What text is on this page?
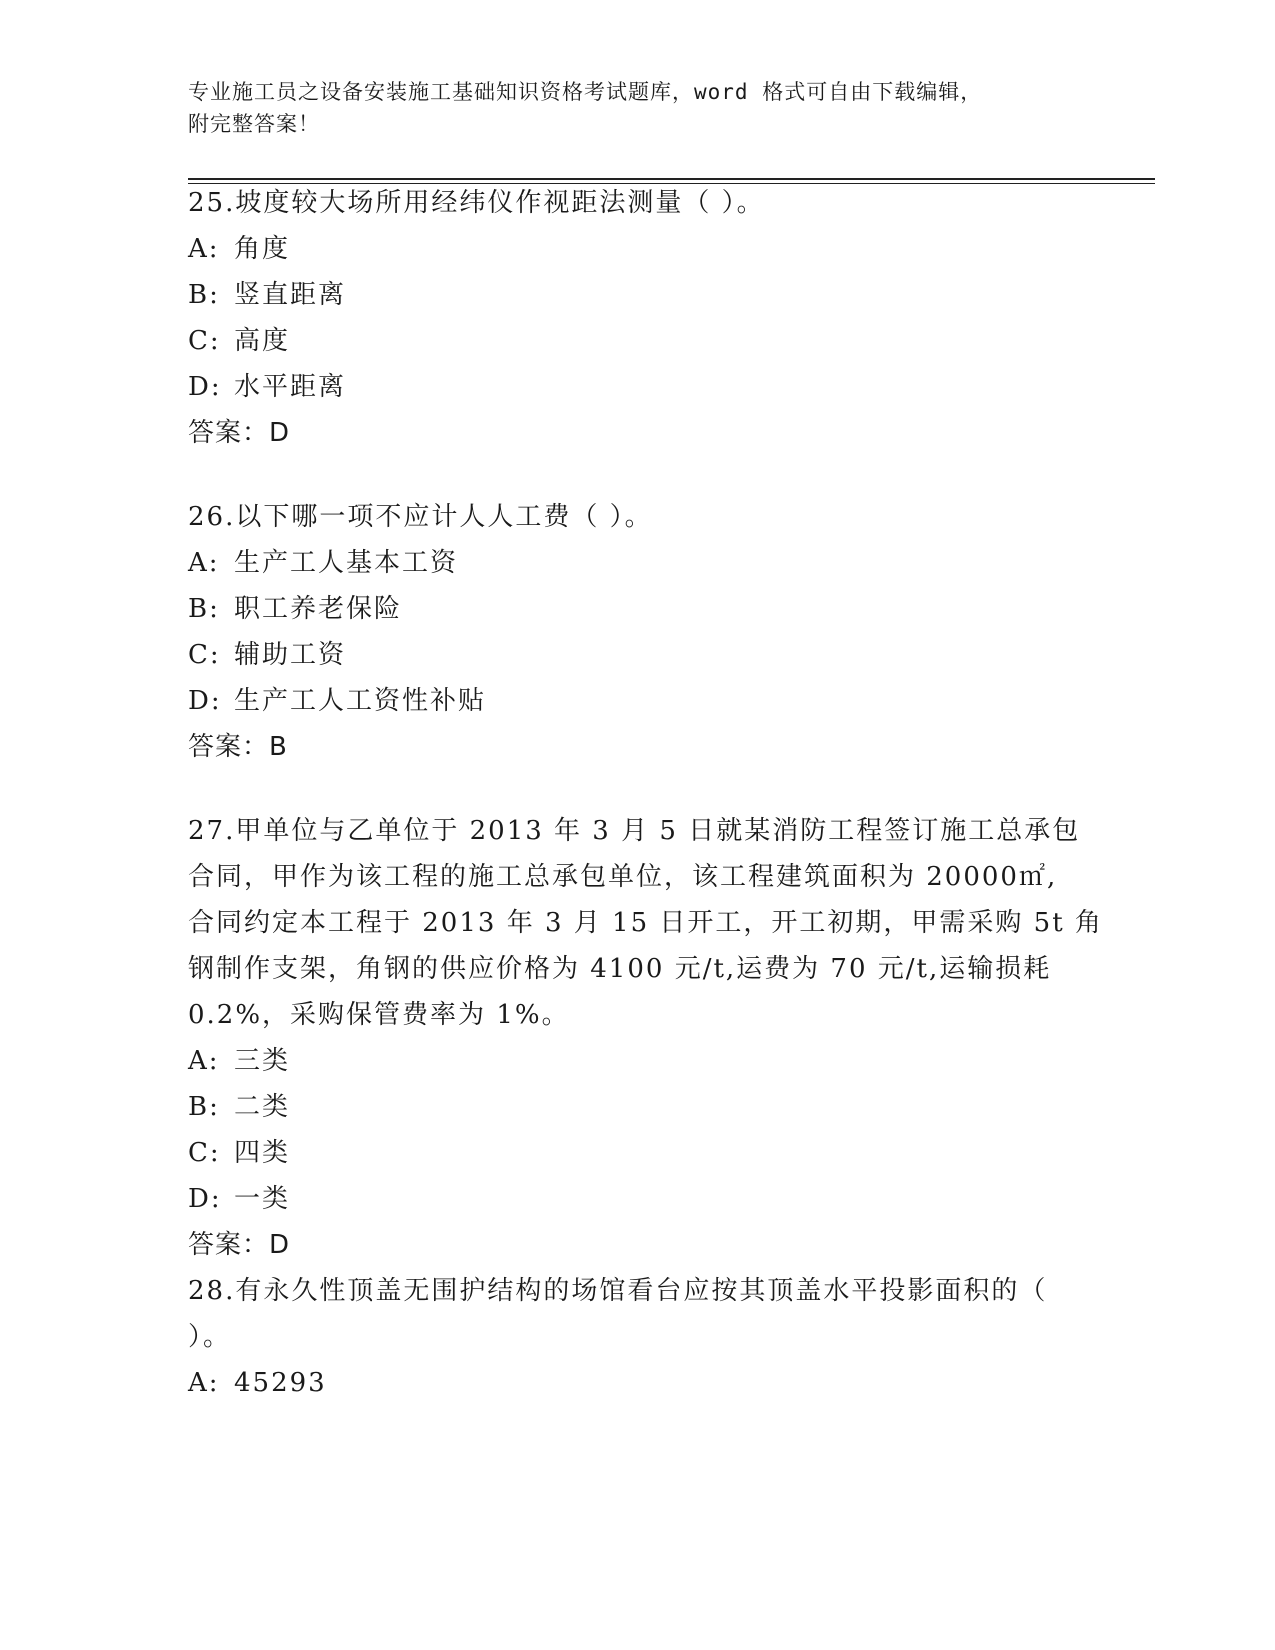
专业施工员之设备安装施工基础知识资格考试题库，word 格式可自由下载编辑，
附完整答案！
25.坡度较大场所用经纬仪作视距法测量（ ）。
A: 角度
B: 竖直距离
C: 高度
D: 水平距离
答案：D
26.以下哪一项不应计人人工费（ ）。
A: 生产工人基本工资
B: 职工养老保险
C: 辅助工资
D: 生产工人工资性补贴
答案：B
27.甲单位与乙单位于 2013 年 3 月 5 日就某消防工程签订施工总承包
合同，甲作为该工程的施工总承包单位，该工程建筑面积为 20000㎡,
合同约定本工程于 2013 年 3 月 15 日开工，开工初期，甲需采购 5t 角
钢制作支架，角钢的供应价格为 4100 元/t,运费为 70 元/t,运输损耗
0.2%，采购保管费率为 1%。
A: 三类
B: 二类
C: 四类
D: 一类
答案：D
28.有永久性顶盖无围护结构的场馆看台应按其顶盖水平投影面积的（
）。
A: 45293
